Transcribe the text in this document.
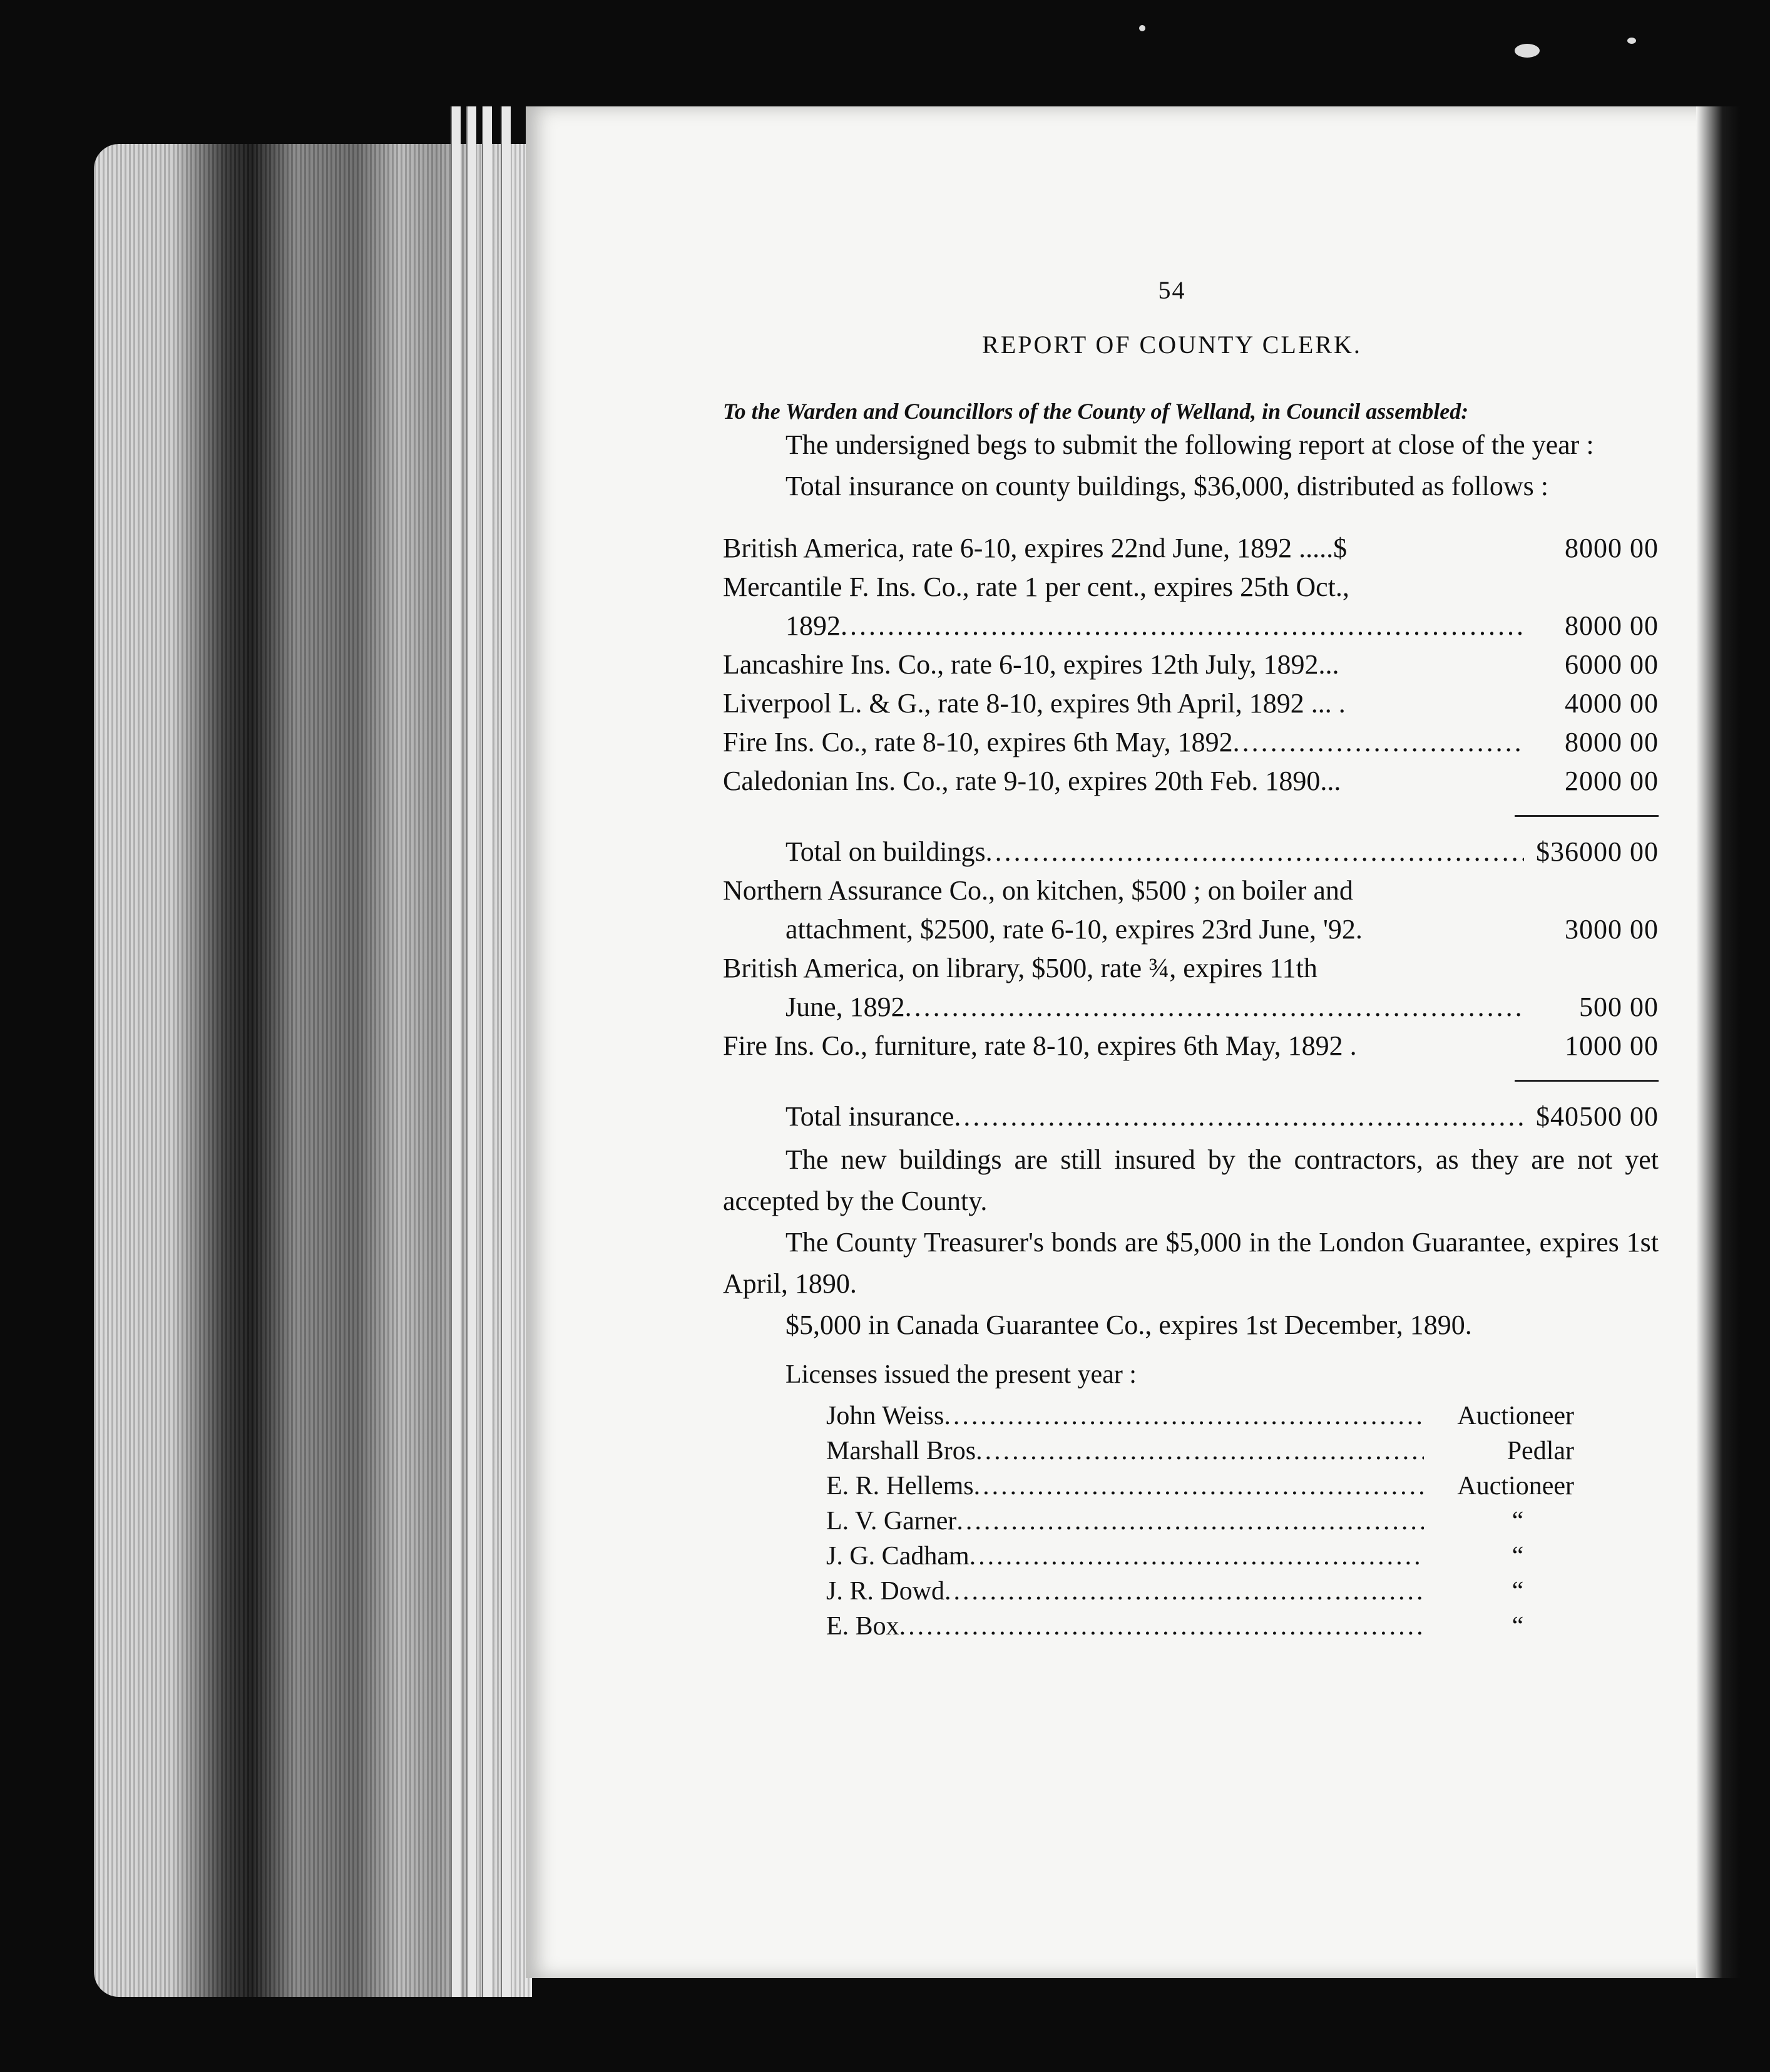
54
REPORT OF COUNTY CLERK.
To the Warden and Councillors of the County of Welland, in Council assembled:

The undersigned begs to submit the following report at close of the year :

Total insurance on county buildings, $36,000, distributed as follows :

British America, rate 6-10, expires 22nd June, 1892 .....$	8000 00
Mercantile F. Ins. Co., rate 1 per cent., expires 25th Oct.,
1892 .....	8000 00
Lancashire Ins. Co., rate 6-10, expires 12th July, 1892...	6000 00
Liverpool L. & G., rate 8-10, expires 9th April, 1892 ... .	4000 00
Fire Ins. Co., rate 8-10, expires 6th May, 1892 .....	8000 00
Caledonian Ins. Co., rate 9-10, expires 20th Feb. 1890...	2000 00
Total on buildings .....	$36000 00
Northern Assurance Co., on kitchen, $500 ; on boiler and
attachment, $2500, rate 6-10, expires 23rd June, '92.	3000 00
British America, on library, $500, rate ¾, expires 11th
June, 1892 .....	500 00
Fire Ins. Co., furniture, rate 8-10, expires 6th May, 1892 .	1000 00
Total insurance .....	$40500 00

The new buildings are still insured by the contractors, as they are not yet accepted by the County.

The County Treasurer's bonds are $5,000 in the London Guarantee, expires 1st April, 1890.

$5,000 in Canada Guarantee Co., expires 1st December, 1890.

Licenses issued the present year :
John Weiss .....	Auctioneer
Marshall Bros .....	Pedlar
E. R. Hellems .....	Auctioneer
L. V. Garner .....	“
J. G. Cadham .....	“
J. R. Dowd .....	“
E. Box .....	“
